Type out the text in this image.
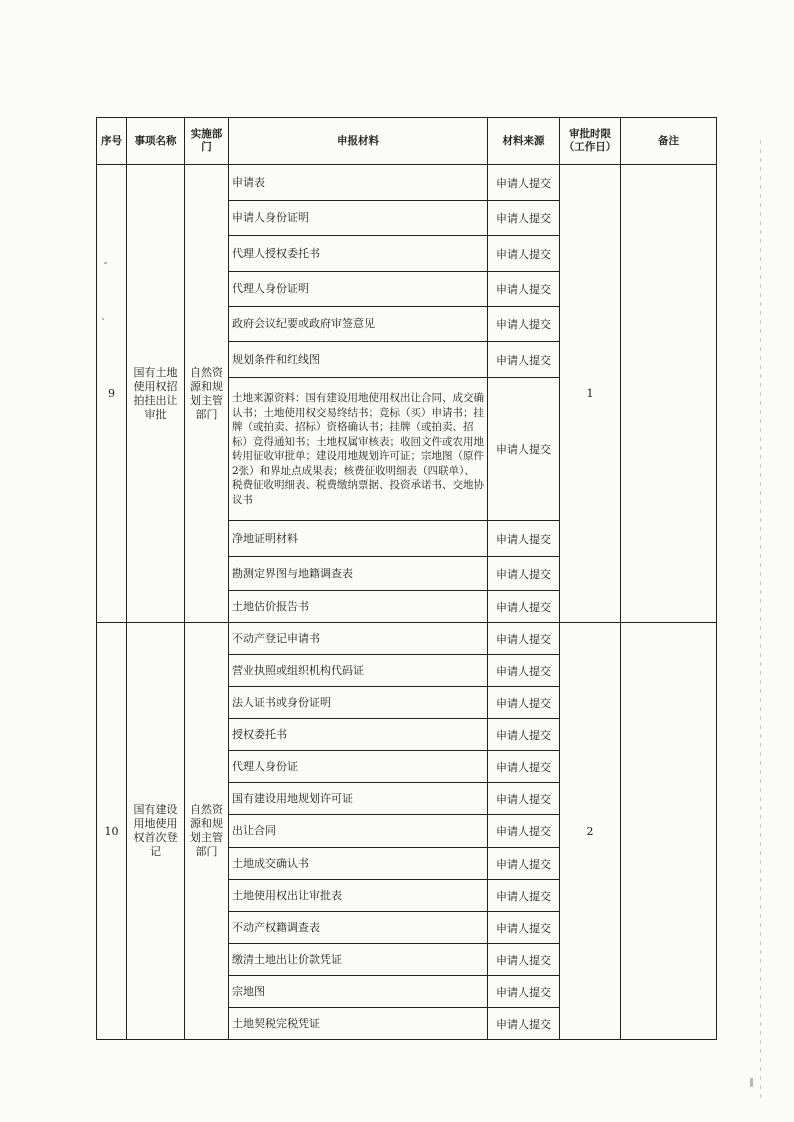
序号	事项名称	实施部门	申报材料	材料来源	审批时限（工作日）	备注
9	国有土地使用权招拍挂出让审批	自然资源和规划主管部门	申请表	申请人提交	1	
			申请人身份证明	申请人提交		
			代理人授权委托书	申请人提交		
			代理人身份证明	申请人提交		
			政府会议纪要或政府审签意见	申请人提交		
			规划条件和红线图	申请人提交		
			土地来源资料：国有建设用地使用权出让合同、成交确认书；土地使用权交易终结书；竞标（买）申请书；挂牌（或拍卖、招标）资格确认书；挂牌（或拍卖、招标）竞得通知书；土地权属审核表；收回文件或农用地转用征收审批单；建设用地规划许可证；宗地图（原件2张）和界址点成果表；核费征收明细表（四联单）、税费征收明细表、税费缴纳票据、投资承诺书、交地协议书	申请人提交		
			净地证明材料	申请人提交		
			勘测定界图与地籍调查表	申请人提交		
			土地估价报告书	申请人提交		
10	国有建设用地使用权首次登记	自然资源和规划主管部门	不动产登记申请书	申请人提交	2	
			营业执照或组织机构代码证	申请人提交		
			法人证书或身份证明	申请人提交		
			授权委托书	申请人提交		
			代理人身份证	申请人提交		
			国有建设用地规划许可证	申请人提交		
			出让合同	申请人提交		
			土地成交确认书	申请人提交		
			土地使用权出让审批表	申请人提交		
			不动产权籍调查表	申请人提交		
			缴清土地出让价款凭证	申请人提交		
			宗地图	申请人提交		
			土地契税完税凭证	申请人提交		
